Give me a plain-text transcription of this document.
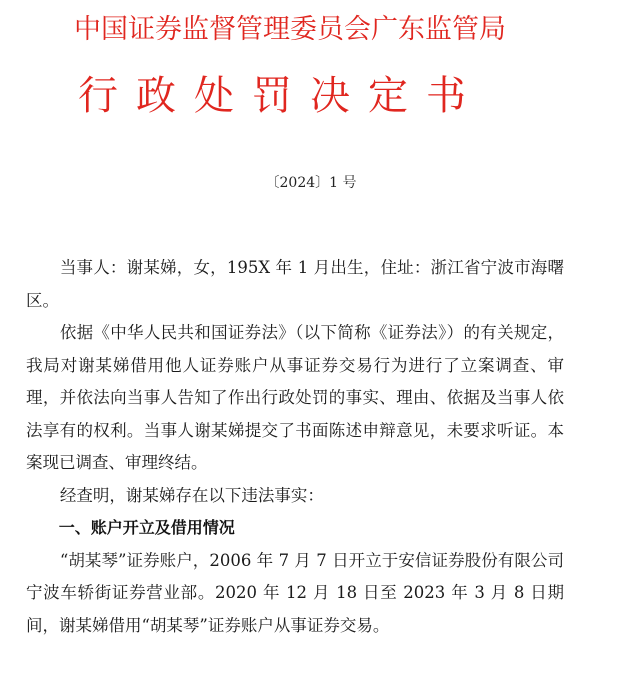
中国证券监督管理委员会广东监管局
行政处罚决定书
〔2024〕1 号

当事人：谢某娣，女，195X 年 1 月出生，住址：浙江省宁波市海曙区。

依据《中华人民共和国证券法》（以下简称《证券法》）的有关规定，我局对谢某娣借用他人证券账户从事证券交易行为进行了立案调查、审理，并依法向当事人告知了作出行政处罚的事实、理由、依据及当事人依法享有的权利。当事人谢某娣提交了书面陈述申辩意见，未要求听证。本案现已调查、审理终结。

经查明，谢某娣存在以下违法事实：

一、账户开立及借用情况

“胡某琴”证券账户，2006 年 7 月 7 日开立于安信证券股份有限公司宁波车轿街证券营业部。2020 年 12 月 18 日至 2023 年 3 月 8 日期间，谢某娣借用“胡某琴”证券账户从事证券交易。
